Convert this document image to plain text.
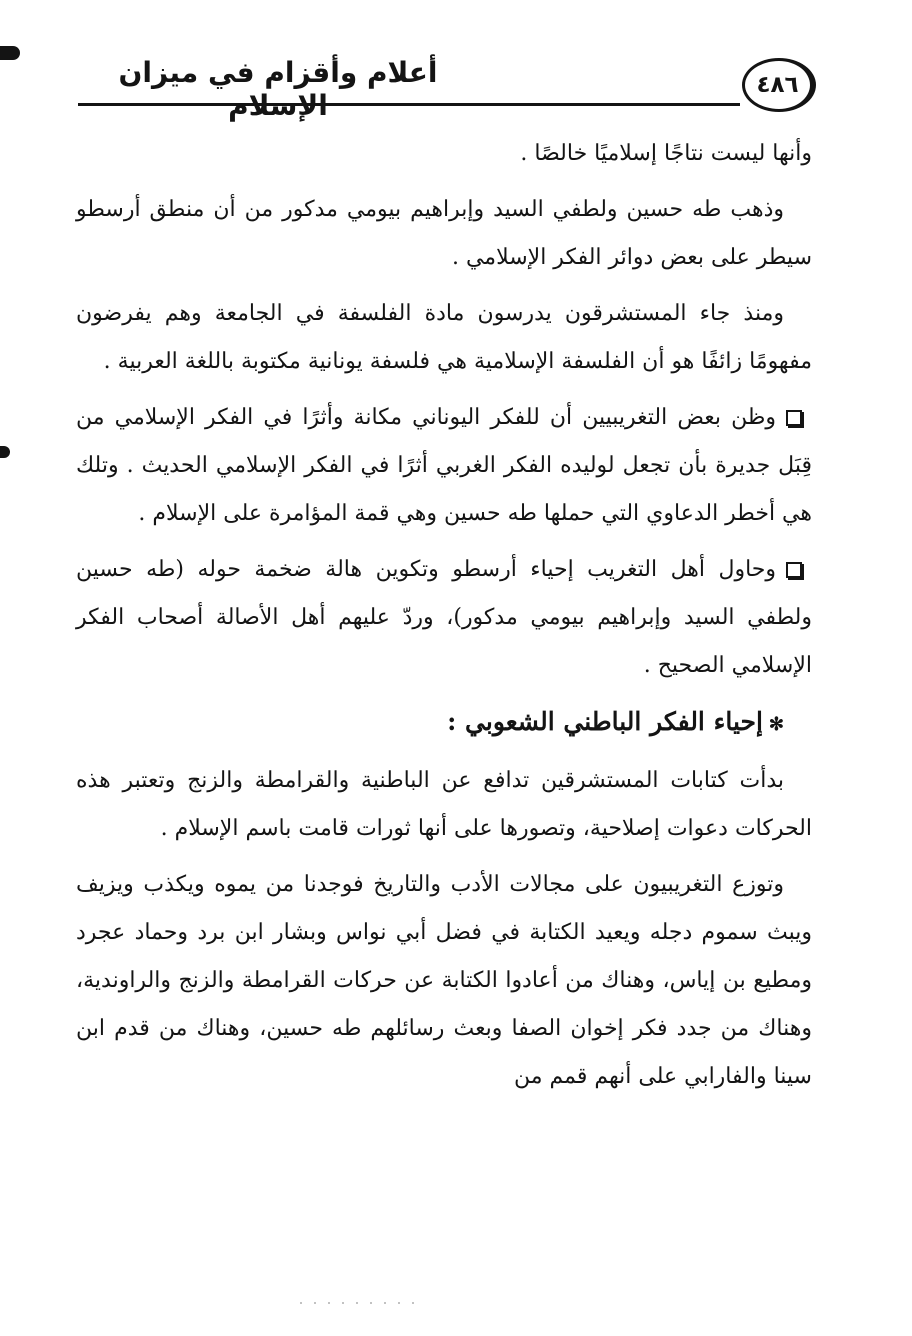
أعلام وأقزام في ميزان الإسلام
٤٨٦

وأنها ليست نتاجًا إسلاميًا خالصًا .

وذهب طه حسين ولطفي السيد وإبراهيم بيومي مدكور من أن منطق أرسطو سيطر على بعض دوائر الفكر الإسلامي .

ومنذ جاء المستشرقون يدرسون مادة الفلسفة في الجامعة وهم يفرضون مفهومًا زائفًا هو أن الفلسفة الإسلامية هي فلسفة يونانية مكتوبة باللغة العربية .

وظن بعض التغريبيين أن للفكر اليوناني مكانة وأثرًا في الفكر الإسلامي من قِبَل جديرة بأن تجعل لوليده الفكر الغربي أثرًا في الفكر الإسلامي الحديث . وتلك هي أخطر الدعاوي التي حملها طه حسين وهي قمة المؤامرة على الإسلام .

وحاول أهل التغريب إحياء أرسطو وتكوين هالة ضخمة حوله (طه حسين ولطفي السيد وإبراهيم بيومي مدكور)، وردّ عليهم أهل الأصالة أصحاب الفكر الإسلامي الصحيح .

✻إحياء الفكر الباطني الشعوبي :

بدأت كتابات المستشرقين تدافع عن الباطنية والقرامطة والزنج وتعتبر هذه الحركات دعوات إصلاحية، وتصورها على أنها ثورات قامت باسم الإسلام .

وتوزع التغريبيون على مجالات الأدب والتاريخ فوجدنا من يموه ويكذب ويزيف ويبث سموم دجله ويعيد الكتابة في فضل أبي نواس وبشار ابن برد وحماد عجرد ومطيع بن إياس، وهناك من أعادوا الكتابة عن حركات القرامطة والزنج والراوندية، وهناك من جدد فكر إخوان الصفا وبعث رسائلهم طه حسين، وهناك من قدم ابن سينا والفارابي على أنهم قمم من
